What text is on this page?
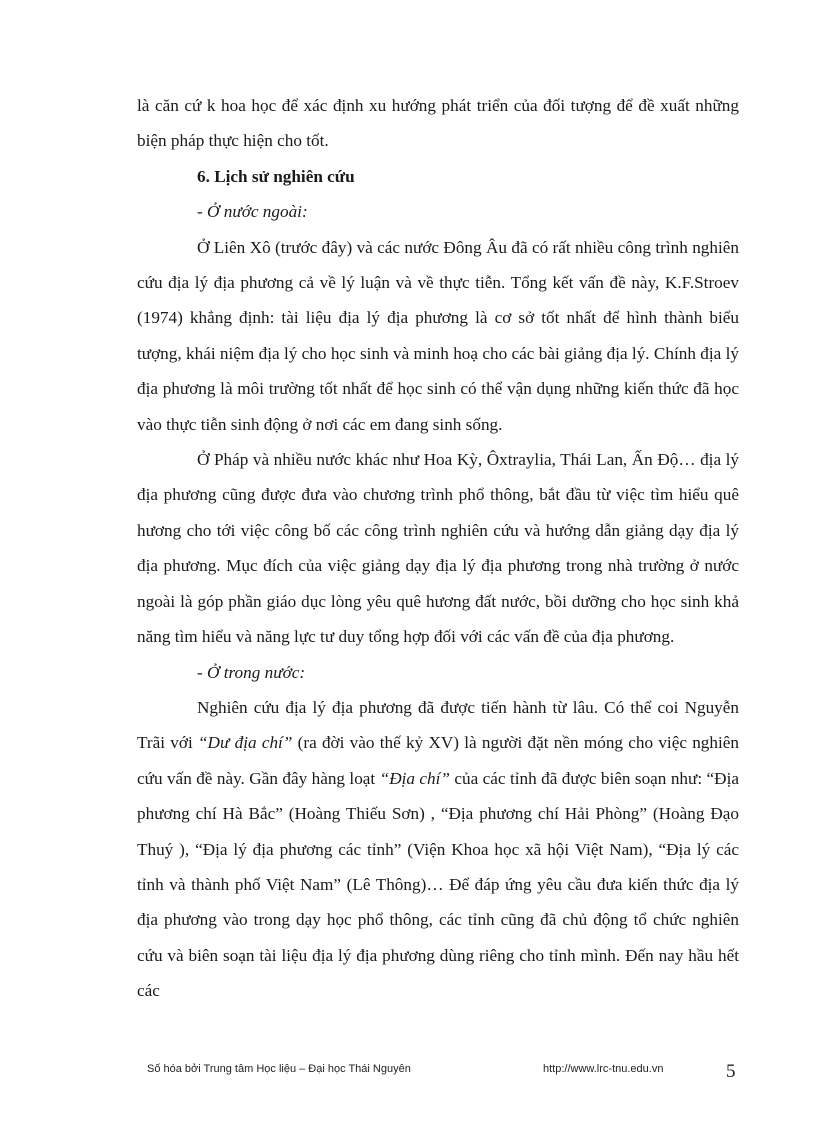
là căn cứ k hoa học để xác định xu hướng phát triển của đối tượng để đề xuất những biện pháp thực hiện cho tốt.

6. Lịch sử nghiên cứu

- Ở nước ngoài:

Ở Liên Xô (trước đây) và các nước Đông Âu đã có rất nhiều công trình nghiên cứu địa lý địa phương cả về lý luận và về thực tiễn. Tổng kết vấn đề này, K.F.Stroev (1974) khẳng định: tài liệu địa lý địa phương là cơ sở tốt nhất để hình thành biểu tượng, khái niệm địa lý cho học sinh và minh hoạ cho các bài giảng địa lý. Chính địa lý địa phương là môi trường tốt nhất để học sinh có thể vận dụng những kiến thức đã học vào thực tiễn sinh động ở nơi các em đang sinh sống.

Ở Pháp và nhiều nước khác như Hoa Kỳ, Ôxtraylia, Thái Lan, Ấn Độ… địa lý địa phương cũng được đưa vào chương trình phổ thông, bắt đầu từ việc tìm hiểu quê hương cho tới việc công bố các công trình nghiên cứu và hướng dẫn giảng dạy địa lý địa phương. Mục đích của việc giảng dạy địa lý địa phương trong nhà trường ở nước ngoài là góp phần giáo dục lòng yêu quê hương đất nước, bồi dưỡng cho học sinh khả năng tìm hiểu và năng lực tư duy tổng hợp đối với các vấn đề của địa phương.

- Ở trong nước:

Nghiên cứu địa lý địa phương đã được tiến hành từ lâu. Có thể coi Nguyễn Trãi với “Dư địa chí” (ra đời vào thế kỷ XV) là người đặt nền móng cho việc nghiên cứu vấn đề này. Gần đây hàng loạt “Địa chí” của các tỉnh đã được biên soạn như: “Địa phương chí Hà Bắc” (Hoàng Thiếu Sơn) , “Địa phương chí Hải Phòng” (Hoàng Đạo Thuý ), “Địa lý địa phương các tỉnh” (Viện Khoa học xã hội Việt Nam), “Địa lý các tỉnh và thành phố Việt Nam” (Lê Thông)… Để đáp ứng yêu cầu đưa kiến thức địa lý địa phương vào trong dạy học phổ thông, các tỉnh cũng đã chủ động tổ chức nghiên cứu và biên soạn tài liệu địa lý địa phương dùng riêng cho tỉnh mình. Đến nay hầu hết các

Số hóa bởi Trung tâm Học liệu – Đại học Thái Nguyên	http://www.lrc-tnu.edu.vn	5
